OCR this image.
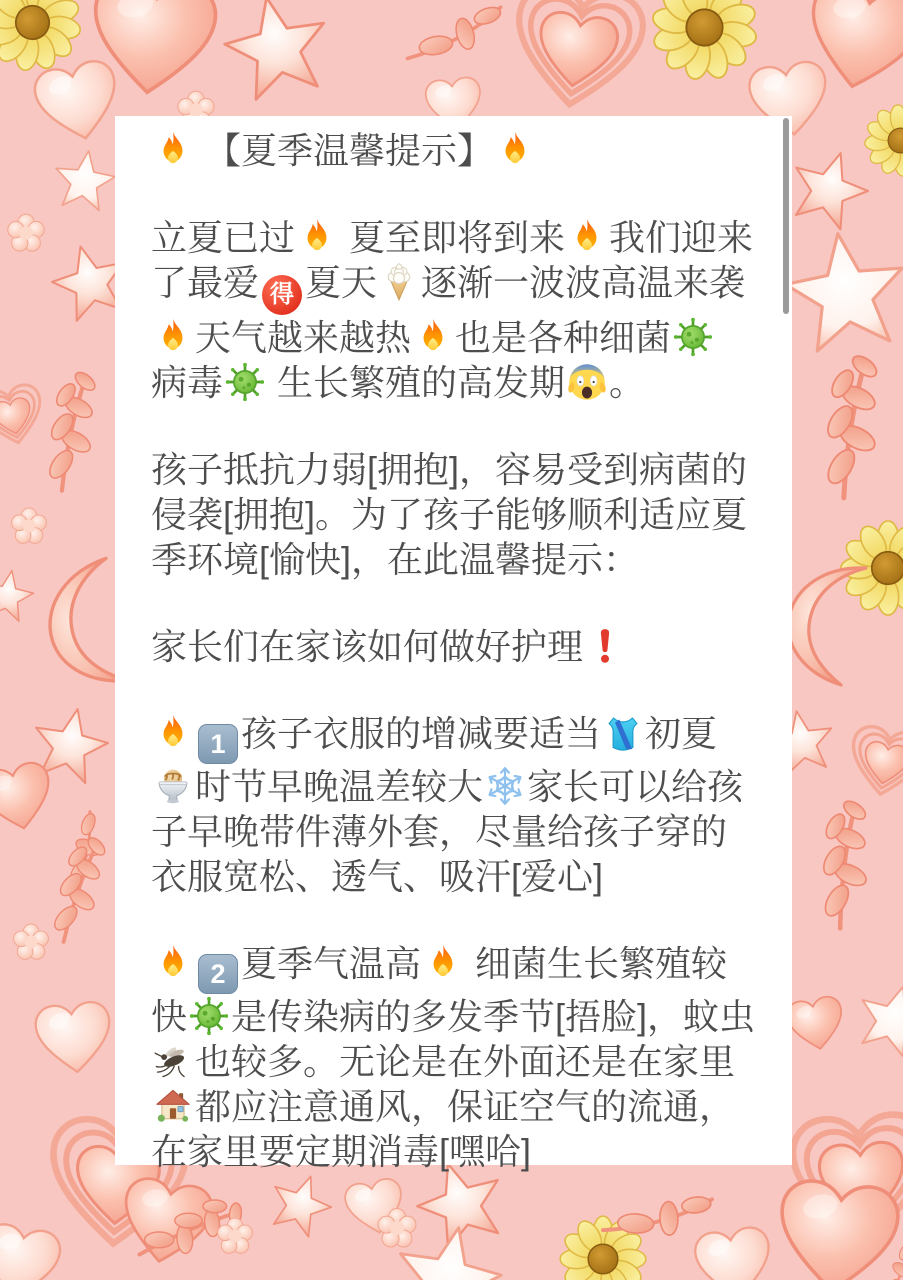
【夏季温馨提示】
立夏已过 夏至即将到来 我们迎来了最爱 得 夏天 逐渐一波波高温来袭天气越来越热 也是各种细菌 病毒 生长繁殖的高发期 。
孩子抵抗力弱[拥抱]，容易受到病菌的侵袭[拥抱]。为了孩子能够顺利适应夏季环境[愉快]，在此温馨提示：
家长们在家该如何做好护理
1 孩子衣服的增减要适当 初夏时节早晚温差较大 家长可以给孩子早晚带件薄外套，尽量给孩子穿的衣服宽松、透气、吸汗[爱心]
2 夏季气温高 细菌生长繁殖较快 是传染病的多发季节[捂脸]，蚊虫也较多。无论是在外面还是在家里都应注意通风，保证空气的流通，在家里要定期消毒[嘿哈]
